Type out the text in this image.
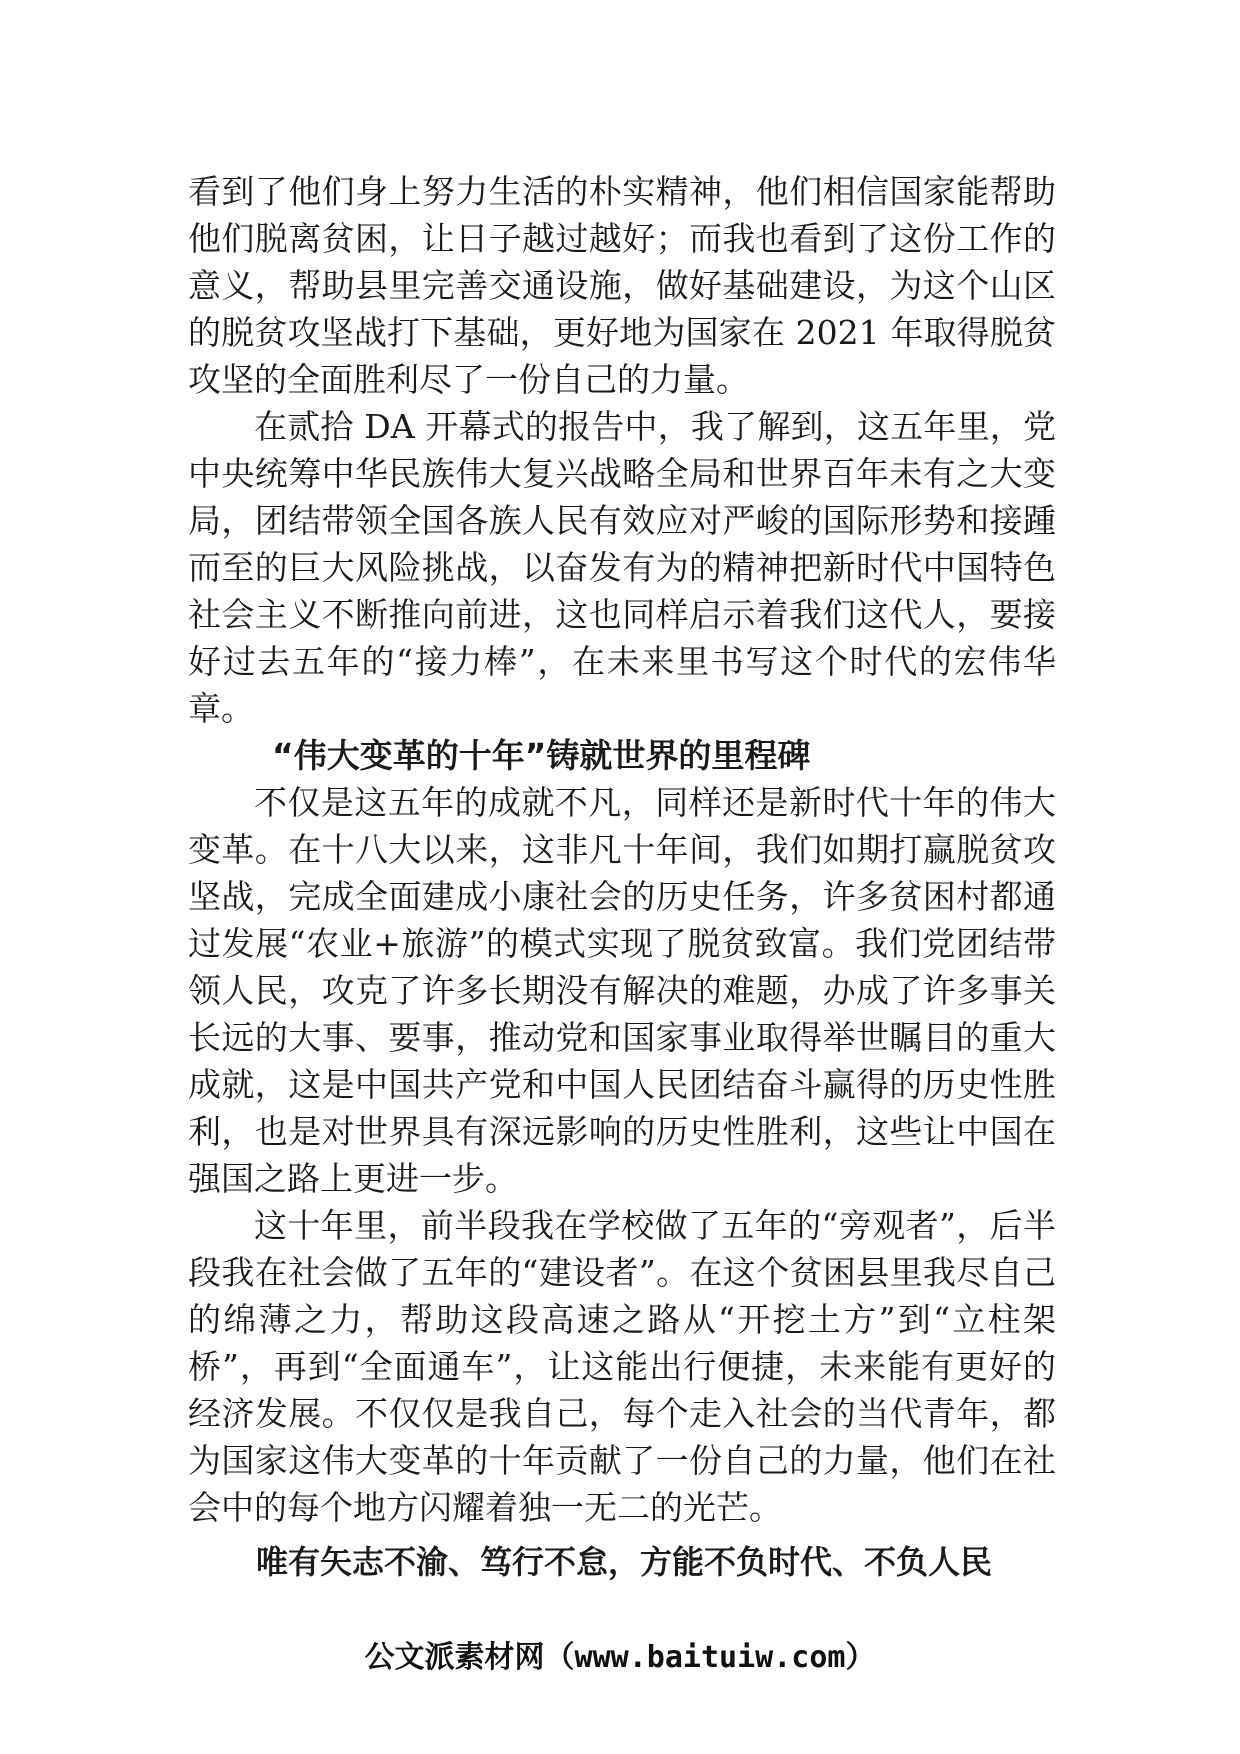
看到了他们身上努力生活的朴实精神，他们相信国家能帮助他们脱离贫困，让日子越过越好；而我也看到了这份工作的意义，帮助县里完善交通设施，做好基础建设，为这个山区的脱贫攻坚战打下基础，更好地为国家在 2021 年取得脱贫攻坚的全面胜利尽了一份自己的力量。

在贰拾 DA 开幕式的报告中，我了解到，这五年里，党中央统筹中华民族伟大复兴战略全局和世界百年未有之大变局，团结带领全国各族人民有效应对严峻的国际形势和接踵而至的巨大风险挑战，以奋发有为的精神把新时代中国特色社会主义不断推向前进，这也同样启示着我们这代人，要接好过去五年的“接力棒”，在未来里书写这个时代的宏伟华章。

“伟大变革的十年”铸就世界的里程碑

不仅是这五年的成就不凡，同样还是新时代十年的伟大变革。在十八大以来，这非凡十年间，我们如期打赢脱贫攻坚战，完成全面建成小康社会的历史任务，许多贫困村都通过发展“农业+旅游”的模式实现了脱贫致富。我们党团结带领人民，攻克了许多长期没有解决的难题，办成了许多事关长远的大事、要事，推动党和国家事业取得举世瞩目的重大成就，这是中国共产党和中国人民团结奋斗赢得的历史性胜利，也是对世界具有深远影响的历史性胜利，这些让中国在强国之路上更进一步。

这十年里，前半段我在学校做了五年的“旁观者”，后半段我在社会做了五年的“建设者”。在这个贫困县里我尽自己的绵薄之力，帮助这段高速之路从“开挖土方”到“立柱架桥”，再到“全面通车”，让这能出行便捷，未来能有更好的经济发展。不仅仅是我自己，每个走入社会的当代青年，都为国家这伟大变革的十年贡献了一份自己的力量，他们在社会中的每个地方闪耀着独一无二的光芒。

唯有矢志不渝、笃行不怠，方能不负时代、不负人民

公文派素材网（www.baituiw.com）
